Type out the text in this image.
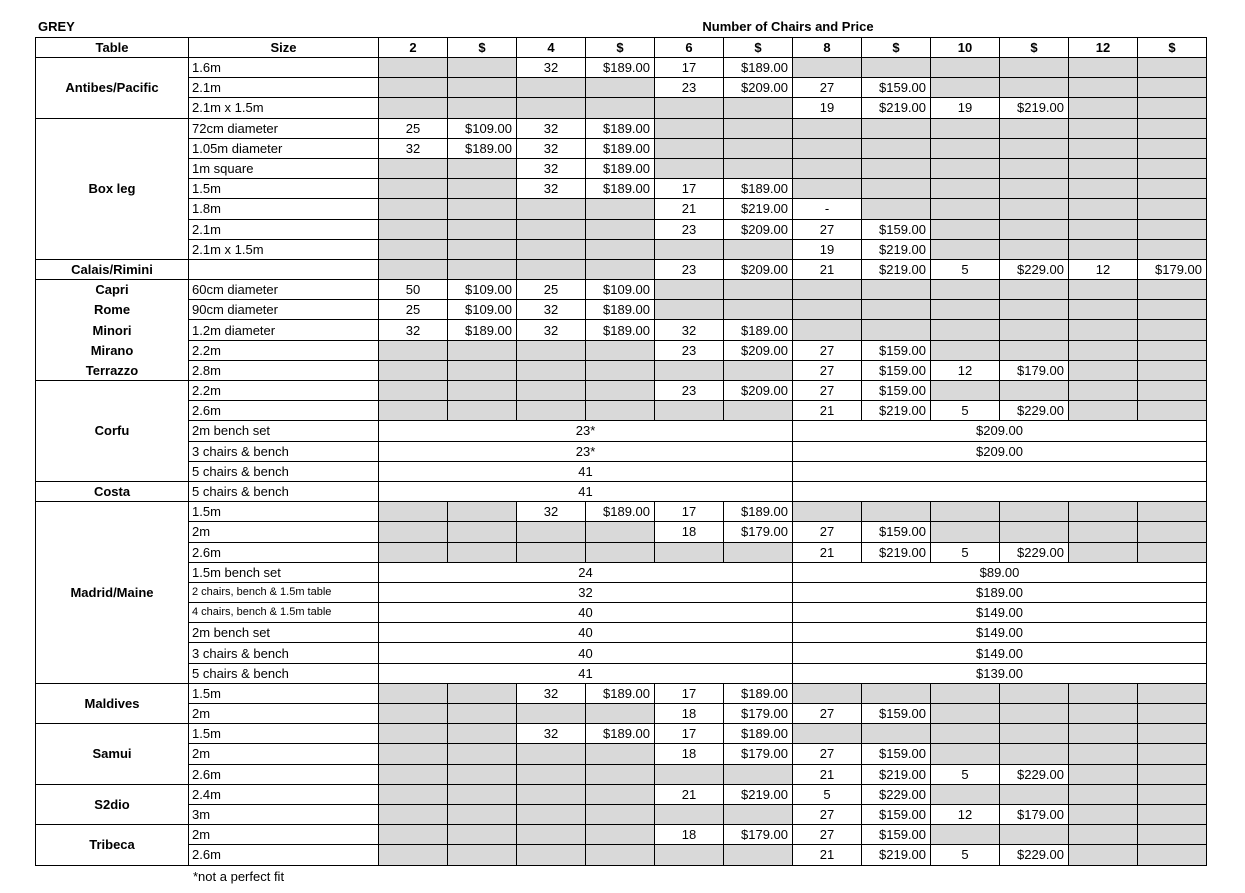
GREY	Number of Chairs and Price
Table	Size	2	$	4	$	6	$	8	$	10	$	12	$
Antibes/Pacific	1.6m			32	$189.00	17	$189.00						
	2.1m					23	$209.00	27	$159.00				
	2.1m x 1.5m							19	$219.00	19	$219.00		
Box leg	72cm diameter	25	$109.00	32	$189.00								
	1.05m diameter	32	$189.00	32	$189.00								
	1m square			32	$189.00								
	1.5m			32	$189.00	17	$189.00						
	1.8m					21	$219.00	-					
	2.1m					23	$209.00	27	$159.00				
	2.1m x 1.5m							19	$219.00				
Calais/Rimini						23	$209.00	21	$219.00	5	$229.00	12	$179.00
Capri	60cm diameter	50	$109.00	25	$109.00								
Rome	90cm diameter	25	$109.00	32	$189.00								
Minori	1.2m diameter	32	$189.00	32	$189.00	32	$189.00						
Mirano	2.2m					23	$209.00	27	$159.00				
Terrazzo	2.8m							27	$159.00	12	$179.00		
Corfu	2.2m					23	$209.00	27	$159.00				
	2.6m							21	$219.00	5	$229.00		
	2m bench set	23*						$209.00					
	3 chairs & bench	23*						$209.00					
	5 chairs & bench	41											
Costa	5 chairs & bench	41											
Madrid/Maine	1.5m			32	$189.00	17	$189.00						
	2m					18	$179.00	27	$159.00				
	2.6m							21	$219.00	5	$229.00		
	1.5m bench set	24						$89.00					
	2 chairs, bench & 1.5m table	32						$189.00					
	4 chairs, bench & 1.5m table	40						$149.00					
	2m bench set	40						$149.00					
	3 chairs & bench	40						$149.00					
	5 chairs & bench	41						$139.00					
Maldives	1.5m			32	$189.00	17	$189.00						
	2m					18	$179.00	27	$159.00				
Samui	1.5m			32	$189.00	17	$189.00						
	2m					18	$179.00	27	$159.00				
	2.6m							21	$219.00	5	$229.00		
S2dio	2.4m					21	$219.00	5	$229.00				
	3m							27	$159.00	12	$179.00		
Tribeca	2m					18	$179.00	27	$159.00				
	2.6m							21	$219.00	5	$229.00		
*not a perfect fit
